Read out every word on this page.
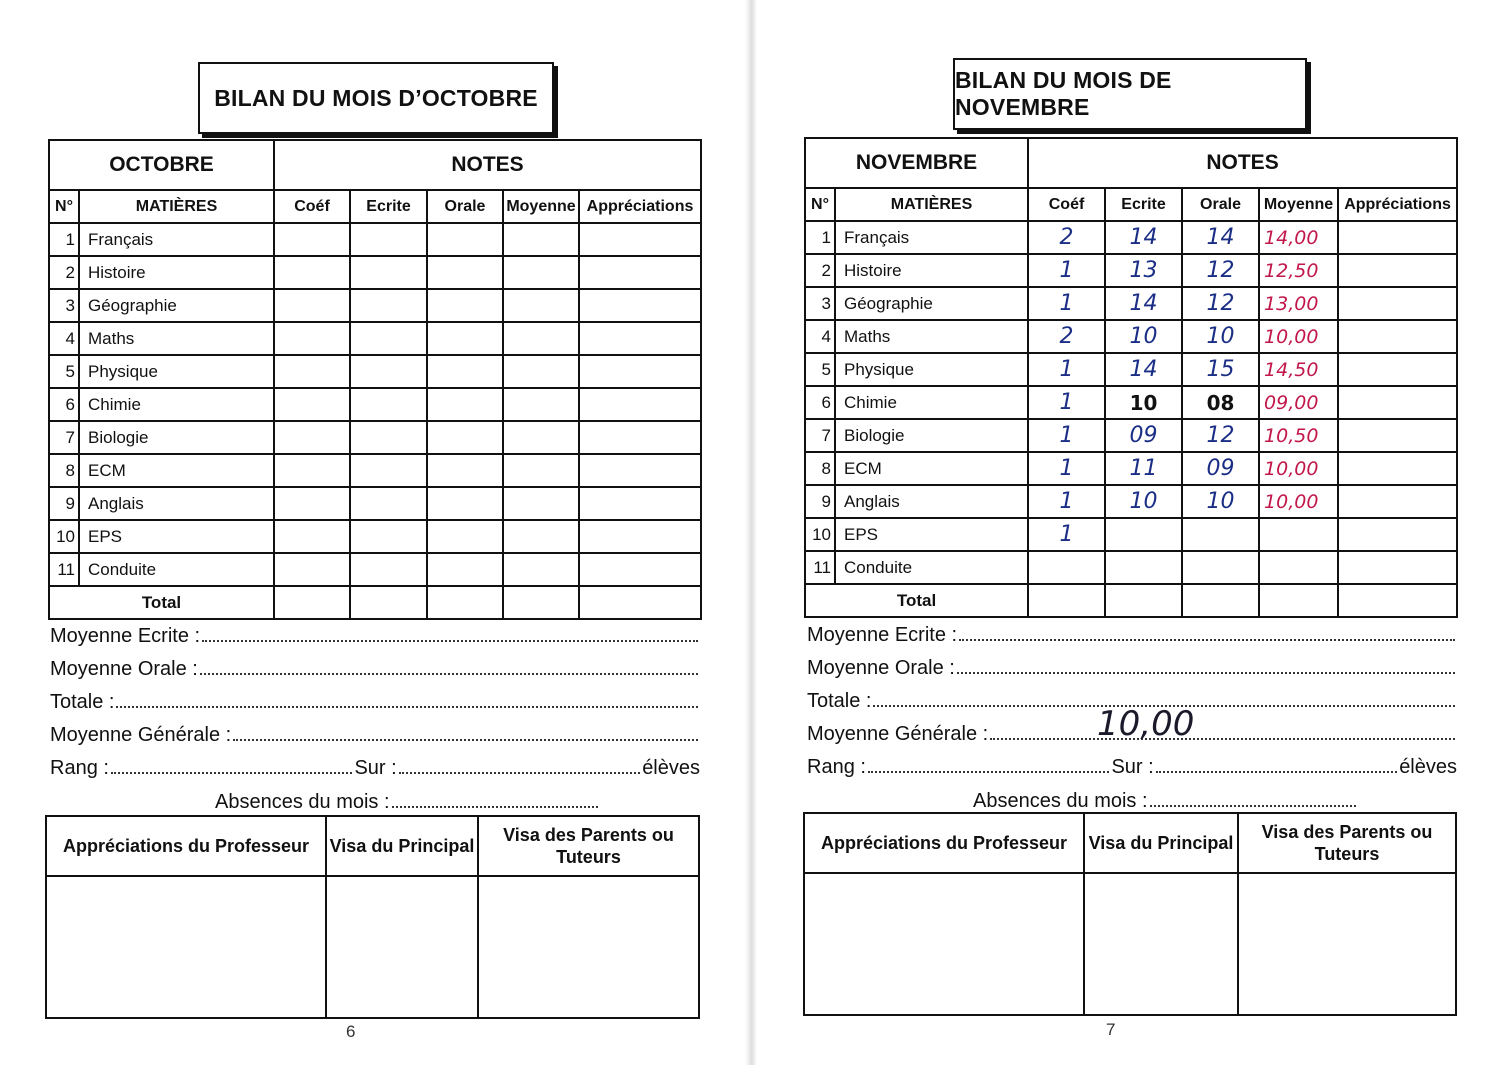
BILAN DU MOIS D’OCTOBRE
OCTOBRE		NOTES				
N°	MATIÈRES	Coéf	Ecrite	Orale	Moyenne	Appréciations
1	Français					
2	Histoire					
3	Géographie					
4	Maths					
5	Physique					
6	Chimie					
7	Biologie					
8	ECM					
9	Anglais					
10	EPS					
11	Conduite					
Total						
Moyenne Ecrite :
Moyenne Orale :
Totale :
Moyenne Générale :
Rang :	Sur :	élèves
Absences du mois :
Appréciations du Professeur	Visa du Principal	Visa des Parents ou Tuteurs

6
BILAN DU MOIS DE NOVEMBRE
NOVEMBRE		NOTES				
N°	MATIÈRES	Coéf	Ecrite	Orale	Moyenne	Appréciations
1	Français	2	14	14	14,00	
2	Histoire	1	13	12	12,50	
3	Géographie	1	14	12	13,00	
4	Maths	2	10	10	10,00	
5	Physique	1	14	15	14,50	
6	Chimie	1	10	08	09,00	
7	Biologie	1	09	12	10,50	
8	ECM	1	11	09	10,00	
9	Anglais	1	10	10	10,00	
10	EPS	1				
11	Conduite					
Total						
Moyenne Ecrite :
Moyenne Orale :
Totale :
Moyenne Générale :	10,00
Rang :	Sur :	élèves
Absences du mois :
Appréciations du Professeur	Visa du Principal	Visa des Parents ou Tuteurs

7
